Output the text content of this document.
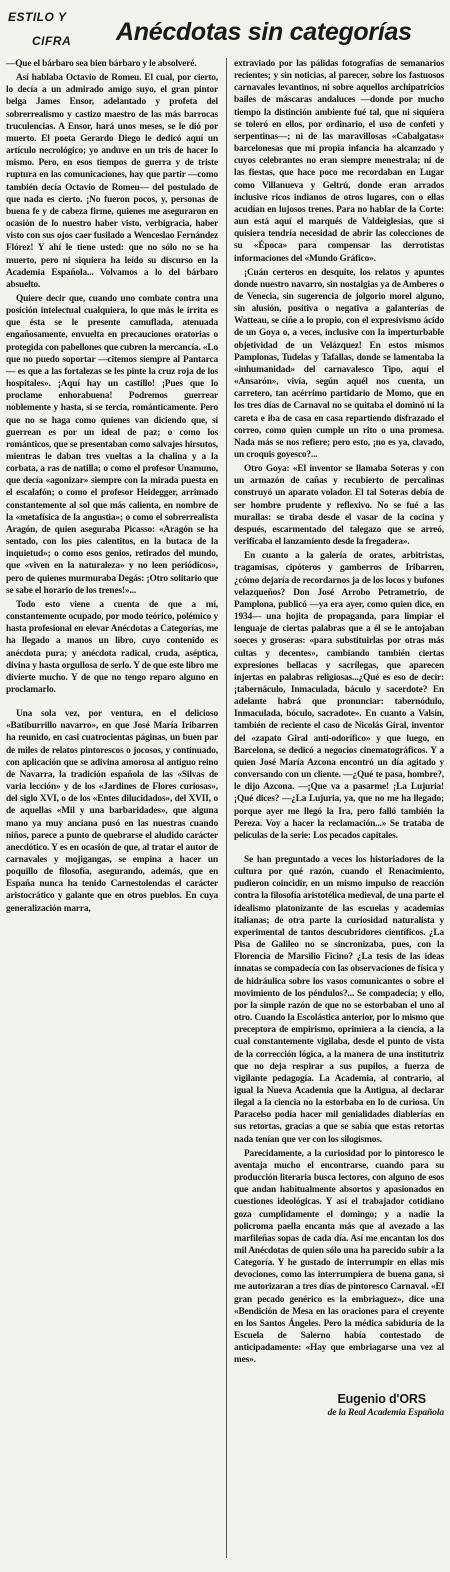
ESTILO Y
CIFRA Anécdotas sin categorías

—Que el bárbaro sea bien bárbaro y le absolveré.

Así hablaba Octavio de Romeu. El cual, por cierto, lo decía a un admirado amigo suyo, el gran pintor belga James Ensor, adelantado y profeta del sobrerrealismo y castizo maestro de las más barrocas truculencias. A Ensor, hará unos meses, se le dió por muerto. El poeta Gerardo Diego le dedicó aquí un artículo necrológico; yo anduve en un tris de hacer lo mismo. Pero, en esos tiempos de guerra y de triste ruptura en las comunicaciones, hay que partir —como también decía Octavio de Romeu— del postulado de que nada es cierto. ¡No fueron pocos, y, personas de buena fe y de cabeza firme, quienes me aseguraron en ocasión de lo nuestro haber visto, verbigracia, haber visto con sus ojos caer fusilado a Wenceslao Fernández Flórez! Y ahí le tiene usted: que no sólo no se ha muerto, pero ni siquiera ha leído su discurso en la Academia Española... Volvamos a lo del bárbaro absuelto.

Quiere decir que, cuando uno combate contra una posición intelectual cualquiera, lo que más le irrita es que ésta se le presente camuflada, atenuada engañosamente, envuelta en precauciones oratorias o protegida con pabellones que cubren la mercancía. «Lo que no puedo soportar —citemos siempre al Pantarca— es que a las fortalezas se les pinte la cruz roja de los hospitales». ¡Aquí hay un castillo! ¡Pues que lo proclame enhorabuena! Podremos guerrear noblemente y hasta, si se tercia, románticamente. Pero que no se haga como quienes van diciendo que, si guerrean es por un ideal de paz; o como los románticos, que se presentaban como salvajes hirsutos, mientras le daban tres vueltas a la chalina y a la corbata, a ras de natilla; o como el profesor Unamuno, que decía «agonizar» siempre con la mirada puesta en el escalafón; o como el profesor Heidegger, arrimado constantemente al sol que más calienta, en nombre de la «metafísica de la angustia»; o como el sobrerrealista Aragón, de quien aseguraba Picasso: «Aragón se ha sentado, con los pies calentitos, en la butaca de la inquietud»; o como esos genios, retirados del mundo, que «viven en la naturaleza» y no leen periódicos», pero de quienes murmuraba Degás: ¡Otro solitario que se sabe el horario de los trenes!»...

Todo esto viene a cuenta de que a mí, constantemente ocupado, por modo teórico, polémico y hasta profesional en elevar Anécdotas a Categorías, me ha llegado a manos un libro, cuyo contenido es anécdota pura; y anécdota radical, cruda, aséptica, divina y hasta orgullosa de serlo. Y de que este libro me divierte mucho. Y de que no tengo reparo alguno en proclamarlo.

Una sola vez, por ventura, en el delicioso «Batiburrillo navarro», en que José María Iribarren ha reunido, en casi cuatrocientas páginas, un buen par de miles de relatos pintorescos o jocosos, y continuado, con aplicación que se adivina amorosa al antiguo reino de Navarra, la tradición española de las «Silvas de varia lección» y de los «Jardines de Flores curiosas», del siglo XVI, o de los «Entes dilucidados», del XVII, o de aquellas «Mil y una barbaridades», que alguna mano ya muy anciana pusó en las nuestras cuando niños, parece a punto de quebrarse el aludido carácter anecdótico. Y es en ocasión de que, al tratar el autor de carnavales y mojigangas, se empina a hacer un poquillo de filosofía, asegurando, además, que en España nunca ha tenido Carnestolendas el carácter aristocrático y galante que en otros pueblos. En cuya generalización marra,

extraviado por las pálidas fotografías de semanarios recientes; y sin noticias, al parecer, sobre los fastuosos carnavales levantinos, ni sobre aquellos archipatricios bailes de máscaras andaluces —donde por mucho tiempo la distinción ambiente fué tal, que ni siquiera se toleró en ellos, por ordinario, el uso de confeti y serpentinas—; ni de las maravillosas «Cabalgatas» barcelonesas que mi propia infancia ha alcanzado y cuyos celebrantes no eran siempre menestrala; ni de las fiestas, que hace poco me recordaban en Lugar como Villanueva y Geltrú, donde eran arrados inclusive ricos indianos de otros lugares, con o ellas acudían en lujosos trenes. Para no hablar de la Corte: aun está aquí el marqués de Valdeiglesias, que si quisiera tendría necesidad de abrir las colecciones de su «Época» para compensar las derrotistas informaciones del «Mundo Gráfico».

¡Cuán certeros en desquite, los relatos y apuntes donde nuestro navarro, sin nostalgias ya de Amberes o de Venecia, sin sugerencia de jolgorio morel alguno, sin alusión, positiva o negativa a galanterías de Watteau, se ciñe a lo propio, con el expresivismo ácido de un Goya o, a veces, inclusive con la imperturbable objetividad de un Velázquez! En estos mismos Pamplonas, Tudelas y Tafallas, donde se lamentaba la «inhumanidad» del carnavalesco Tipo, aquí el «Ansarón», vivía, según aquél nos cuenta, un carretero, tan acérrimo partidario de Momo, que en los tres días de Carnaval no se quitaba el dominó ni la careta e iba de casa en casa repartiendo disfrazado el correo, como quien cumple un rito o una promesa. Nada más se nos refiere; pero esto, ¡no es ya, clavado, un croquis goyesco?...

Otro Goya: «El inventor se llamaba Soteras y con un armazón de cañas y recubierto de percalinas construyó un aparato volador. El tal Soteras debía de ser hombre prudente y reflexivo. No se fué a las murallas: se tiraba desde el vasar de la cocina y después, escarmentado del talegazo que se arreó, verificaba el lanzamiento desde la fregadera».

En cuanto a la galería de orates, arbitristas, tragamisas, cipóteros y gamberros de Iribarren, ¿cómo dejaría de recordarnos ja de los locos y bufones velazqueños? Don José Arrobo Petrametrio, de Pamplona, publicó —ya era ayer, como quien dice, en 1934— una hojita de propaganda, para limpiar el lenguaje de ciertas palabras que a él se le antojaban soeces y groseras: «para substituirlas por otras más cultas y decentes», cambiando también ciertas expresiones bellacas y sacrílegas, que aparecen injertas en palabras religiosas...¿Qué es eso de decir: ¡tabernáculo, Inmaculada, báculo y sacerdote? En adelante habrá que pronunciar: tabernódulo, Inmaculada, bóculo, sacradote». En cuanto a Valsín, también de reciente el caso de Nicolás Giral, inventor del «zapato Giral anti-odorífico» y que luego, en Barcelona, se dedicó a negocios cinematográficos. Y a quien José María Azcona encontró un día agitado y conversando con un cliente. —¿Qué te pasa, hombre?, le dijo Azcona. —¡Que va a pasarme! ¡La Lujuria! ¡Qué dices? —¿La Lujuria, ya, que no me ha llegado; porque ayer me llegó la Ira, pero falló también la Pereza. Voy a hacer la reclamación...» Se trataba de películas de la serie: Los pecados capitales.

Se han preguntado a veces los historiadores de la cultura por qué razón, cuando el Renacimiento, pudieron coincidir, en un mismo impulso de reacción contra la filosofía aristotélica medieval, de una parte el idealismo platonizante de las escuelas y academias italianas; de otra parte la curiosidad naturalista y experimental de tantos descubridores científicos. ¿La Pisa de Galileo no se sincronizaba, pues, con la Florencia de Marsilio Ficino? ¿La tesis de las ideas innatas se compadecía con las observaciones de física y de hidráulica sobre los vasos comunicantes o sobre el movimiento de los péndulos?... Se compadecía; y ello, por la simple razón de que no se estorbaban el uno al otro. Cuando la Escolástica anterior, por lo mismo que preceptora de empirismo, oprimiera a la ciencia, a la cual constantemente vigilaba, desde el punto de vista de la corrección lógica, a la manera de una institutriz que no deja respirar a sus pupilos, a fuerza de vigilante pedagogía. La Academia, al contrario, al igual la Nueva Academia que la Antigua, al declarar ilegal a la ciencia no la estorbaba en lo de curiosa. Un Paracelso podía hacer mil genialidades diablerías en sus retortas, gracias a que se sabía que estas retortas nada tenían que ver con los silogismos.

Parecidamente, a la curiosidad por lo pintoresco le aventaja mucho el encontrarse, cuando para su producción literaria busca lectores, con alguno de esos que andan habitualmente absortos y apasionados en cuestiones ideológicas. Y así el trabajador cotidiano goza cumplidamente el domingo; y a nadie la policroma paella encanta más que al avezado a las marfileñas sopas de cada día. Así me encantan los dos mil Anécdotas de quien sólo una ha parecido subir a la Categoría. Y he gustado de interrumpir en ellas mis devociones, como las interrumpiera de buena gana, si me autorizaran a tres días de pintoresco Carnaval. «El gran pecado genérico es la embriaguez», dice una «Bendición de Mesa en las oraciones para el creyente en los Santos Ángeles. Pero la médica sabiduría de la Escuela de Salerno había contestado de anticipadamente: «Hay que embriagarse una vez al mes».

Eugenio d'ORS
de la Real Academia Española
